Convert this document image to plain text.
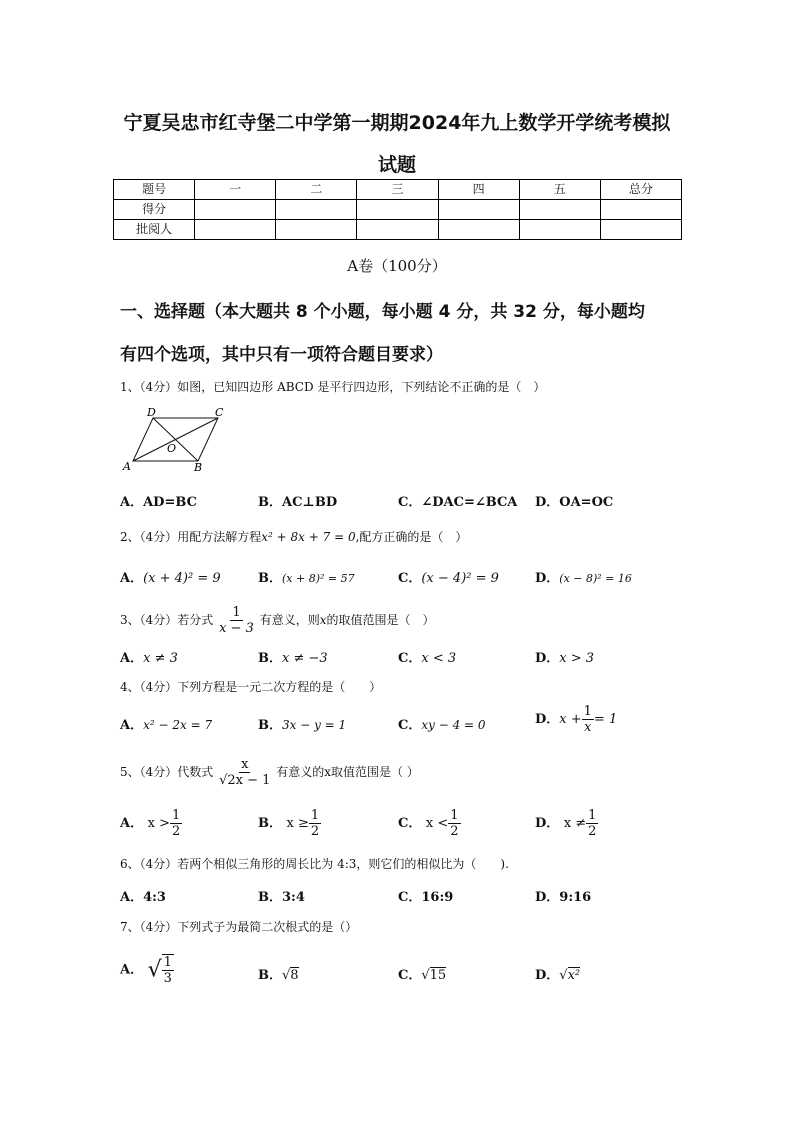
宁夏吴忠市红寺堡二中学第一期期2024年九上数学开学统考模拟
试题
题号	一	二	三	四	五	总分
得分						
批阅人						
A卷（100分）
一、选择题（本大题共 8 个小题，每小题 4 分，共 32 分，每小题均
有四个选项，其中只有一项符合题目要求）
1、（4分）如图，已知四边形 ABCD 是平行四边形，下列结论不正确的是（　）
A	B
C
D
O
A．AD=BC	B．AC⊥BD	C．∠DAC=∠BCA D．OA=OC
2、（4分）用配方法解方程x² + 8x + 7 = 0,配方正确的是（　）
A．(x + 4)² = 9	B．(x + 8)² = 57	C．(x − 4)² = 9	D．(x − 8)² = 16
3、（4分）若分式 $\frac{1}{x - 3}$ 有意义，则x的取值范围是（　）
A．x ≠ 3	B．x ≠ −3	C．x < 3	D．x > 3
4、（4分）下列方程是一元二次方程的是（　　）
A．x² − 2x = 7	B．3x − y = 1	C．xy − 4 = 0	D．$x + \frac{1}{x} = 1$
5、（4分）代数式 $\frac{x}{√2x - 1}$ 有意义的x取值范围是（ ）
A． $x > \frac{1}{2}$	B． $x \ge \frac{1}{2}$	C． $x < \frac{1}{2}$	D． $x \ne \frac{1}{2}$
6、（4分）若两个相似三角形的周长比为 4:3，则它们的相似比为（　　).
A．4:3	B．3:4	C．16:9	D．9:16
7、（4分）下列式子为最简二次根式的是（）
A． √ $\frac{1}{3}$	B．√8	C．√15	D．√x²
